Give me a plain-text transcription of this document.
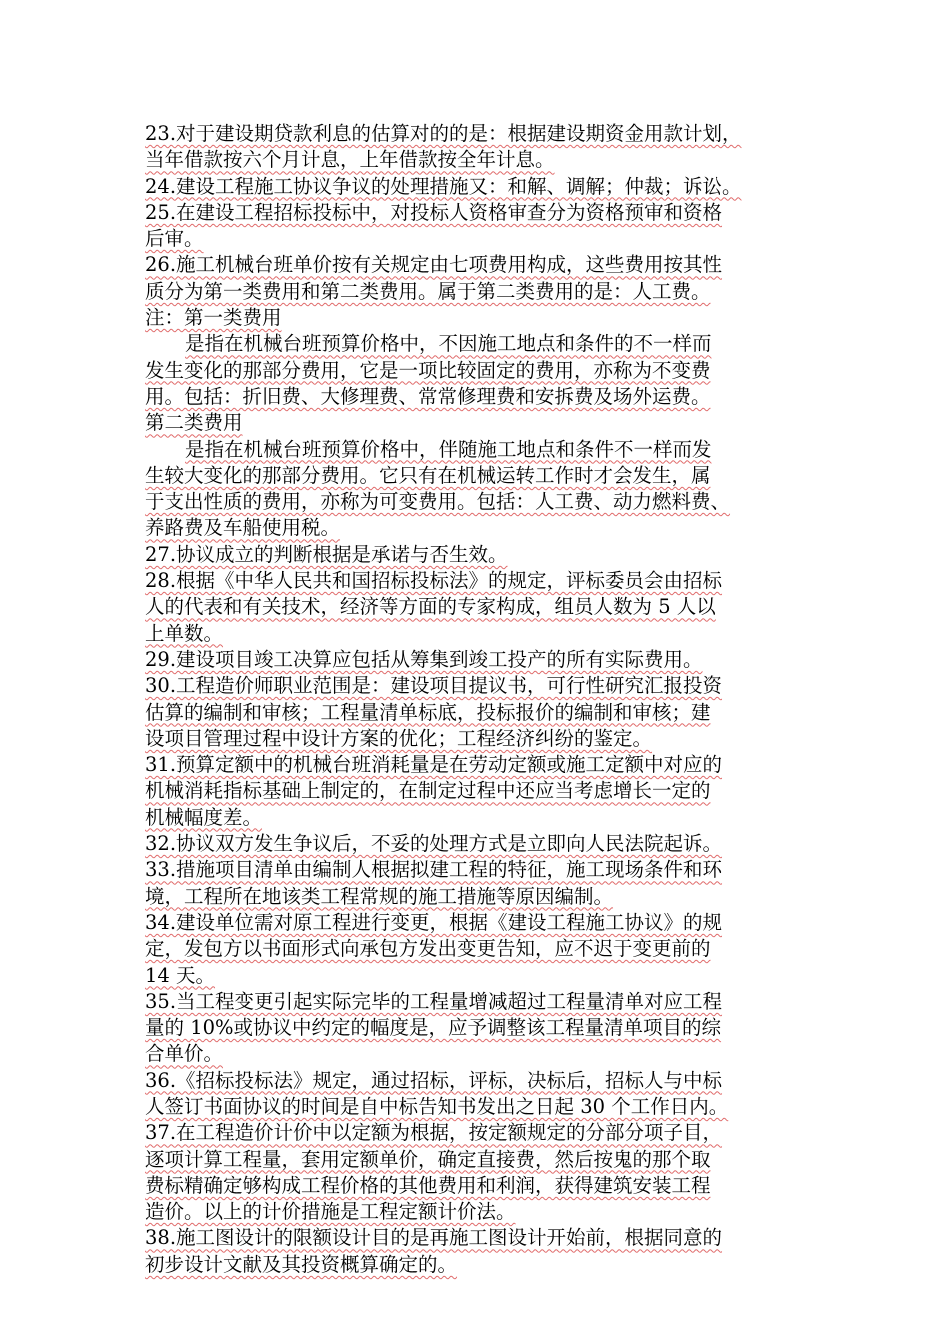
23.对于建设期贷款利息的估算对的的是：根据建设期资金用款计划，
当年借款按六个月计息，上年借款按全年计息。
24.建设工程施工协议争议的处理措施又：和解、调解；仲裁；诉讼。
25.在建设工程招标投标中，对投标人资格审查分为资格预审和资格
后审。
26.施工机械台班单价按有关规定由七项费用构成，这些费用按其性
质分为第一类费用和第二类费用。属于第二类费用的是：人工费。
注：第一类费用
是指在机械台班预算价格中，不因施工地点和条件的不一样而
发生变化的那部分费用，它是一项比较固定的费用，亦称为不变费
用。包括：折旧费、大修理费、常常修理费和安拆费及场外运费。
第二类费用
是指在机械台班预算价格中，伴随施工地点和条件不一样而发
生较大变化的那部分费用。它只有在机械运转工作时才会发生，属
于支出性质的费用，亦称为可变费用。包括：人工费、动力燃料费、
养路费及车船使用税。
27.协议成立的判断根据是承诺与否生效。
28.根据《中华人民共和国招标投标法》的规定，评标委员会由招标
人的代表和有关技术，经济等方面的专家构成，组员人数为 5 人以
上单数。
29.建设项目竣工决算应包括从筹集到竣工投产的所有实际费用。
30.工程造价师职业范围是：建设项目提议书，可行性研究汇报投资
估算的编制和审核；工程量清单标底，投标报价的编制和审核；建
设项目管理过程中设计方案的优化；工程经济纠纷的鉴定。
31.预算定额中的机械台班消耗量是在劳动定额或施工定额中对应的
机械消耗指标基础上制定的，在制定过程中还应当考虑增长一定的
机械幅度差。
32.协议双方发生争议后，不妥的处理方式是立即向人民法院起诉。
33.措施项目清单由编制人根据拟建工程的特征，施工现场条件和环
境，工程所在地该类工程常规的施工措施等原因编制。
34.建设单位需对原工程进行变更，根据《建设工程施工协议》的规
定，发包方以书面形式向承包方发出变更告知，应不迟于变更前的
14 天。
35.当工程变更引起实际完毕的工程量增减超过工程量清单对应工程
量的 10%或协议中约定的幅度是，应予调整该工程量清单项目的综
合单价。
36.《招标投标法》规定，通过招标，评标，决标后，招标人与中标
人签订书面协议的时间是自中标告知书发出之日起 30 个工作日内。
37.在工程造价计价中以定额为根据，按定额规定的分部分项子目，
逐项计算工程量，套用定额单价，确定直接费，然后按鬼的那个取
费标精确定够构成工程价格的其他费用和利润，获得建筑安装工程
造价。以上的计价措施是工程定额计价法。
38.施工图设计的限额设计目的是再施工图设计开始前，根据同意的
初步设计文献及其投资概算确定的。
